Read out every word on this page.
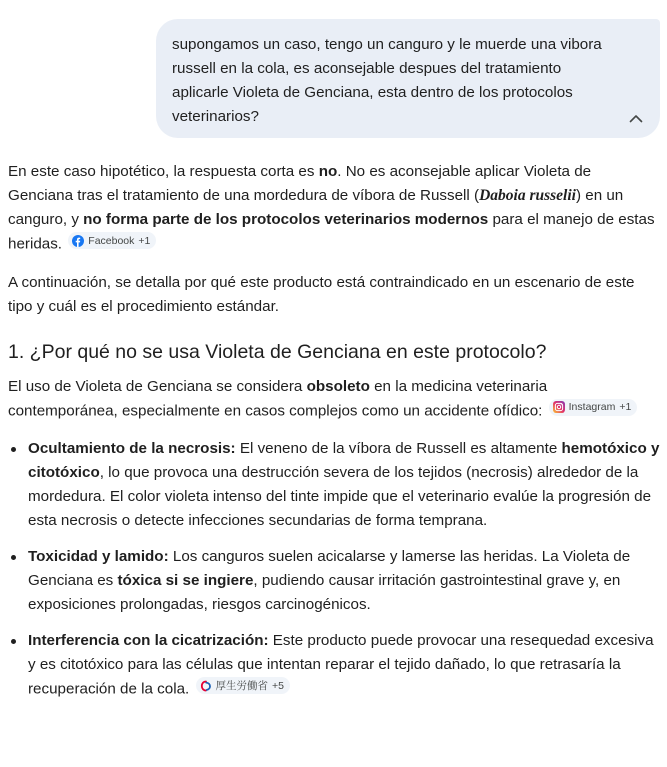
supongamos un caso, tengo un canguro y le muerde una vibora russell en la cola, es aconsejable despues del tratamiento aplicarle Violeta de Genciana, esta dentro de los protocolos veterinarios?

En este caso hipotético, la respuesta corta es no. No es aconsejable aplicar Violeta de Genciana tras el tratamiento de una mordedura de víbora de Russell (Daboia russelii) en un canguro, y no forma parte de los protocolos veterinarios modernos para el manejo de estas heridas. Facebook +1

A continuación, se detalla por qué este producto está contraindicado en un escenario de este tipo y cuál es el procedimiento estándar.

1. ¿Por qué no se usa Violeta de Genciana en este protocolo?

El uso de Violeta de Genciana se considera obsoleto en la medicina veterinaria contemporánea, especialmente en casos complejos como un accidente ofídico: Instagram +1

Ocultamiento de la necrosis: El veneno de la víbora de Russell es altamente hemotóxico y citotóxico, lo que provoca una destrucción severa de los tejidos (necrosis) alrededor de la mordedura. El color violeta intenso del tinte impide que el veterinario evalúe la progresión de esta necrosis o detecte infecciones secundarias de forma temprana.
Toxicidad y lamido: Los canguros suelen acicalarse y lamerse las heridas. La Violeta de Genciana es tóxica si se ingiere, pudiendo causar irritación gastrointestinal grave y, en exposiciones prolongadas, riesgos carcinogénicos.
Interferencia con la cicatrización: Este producto puede provocar una resequedad excesiva y es citotóxico para las células que intentan reparar el tejido dañado, lo que retrasaría la recuperación de la cola. 厚生労働省 +5
